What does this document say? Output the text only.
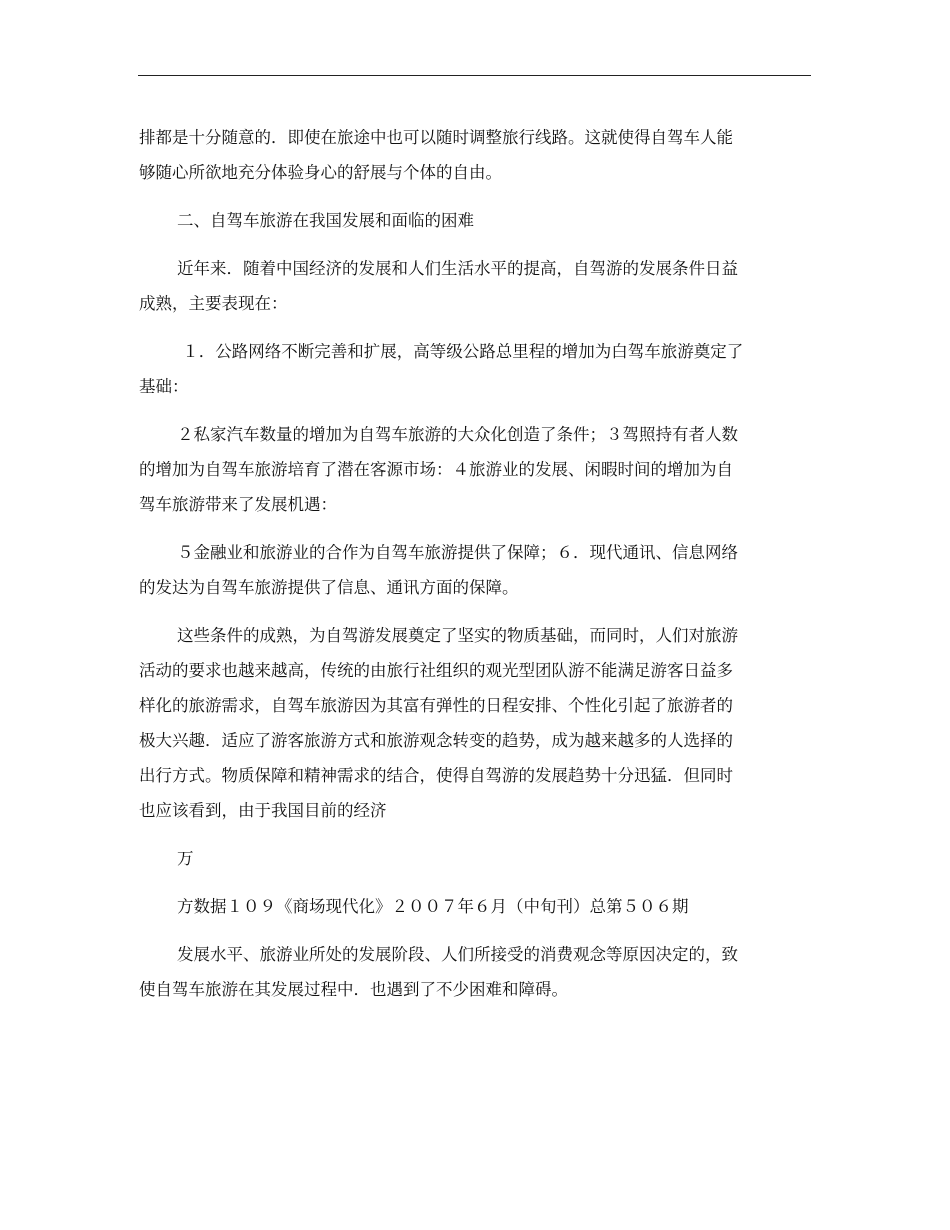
排都是十分随意的．即使在旅途中也可以随时调整旅行线路。这就使得自驾车人能
够随心所欲地充分体验身心的舒展与个体的自由。

二、自驾车旅游在我国发展和面临的困难

近年来．随着中国经济的发展和人们生活水平的提高，自驾游的发展条件日益
成熟，主要表现在：

１．公路网络不断完善和扩展，高等级公路总里程的增加为白驾车旅游奠定了
基础：

２私家汽车数量的增加为自驾车旅游的大众化创造了条件；３驾照持有者人数
的增加为自驾车旅游培育了潜在客源市场：４旅游业的发展、闲暇时间的增加为自
驾车旅游带来了发展机遇：

５金融业和旅游业的合作为自驾车旅游提供了保障；６．现代通讯、信息网络
的发达为自驾车旅游提供了信息、通讯方面的保障。

这些条件的成熟，为自驾游发展奠定了坚实的物质基础，而同时，人们对旅游
活动的要求也越来越高，传统的由旅行社组织的观光型团队游不能满足游客日益多
样化的旅游需求，自驾车旅游因为其富有弹性的日程安排、个性化引起了旅游者的
极大兴趣．适应了游客旅游方式和旅游观念转变的趋势，成为越来越多的人选择的
出行方式。物质保障和精神需求的结合，使得自驾游的发展趋势十分迅猛．但同时
也应该看到，由于我国目前的经济

万

方数据１０９《商场现代化》２００７年６月（中旬刊）总第５０６期

发展水平、旅游业所处的发展阶段、人们所接受的消费观念等原因决定的，致
使自驾车旅游在其发展过程中．也遇到了不少困难和障碍。
